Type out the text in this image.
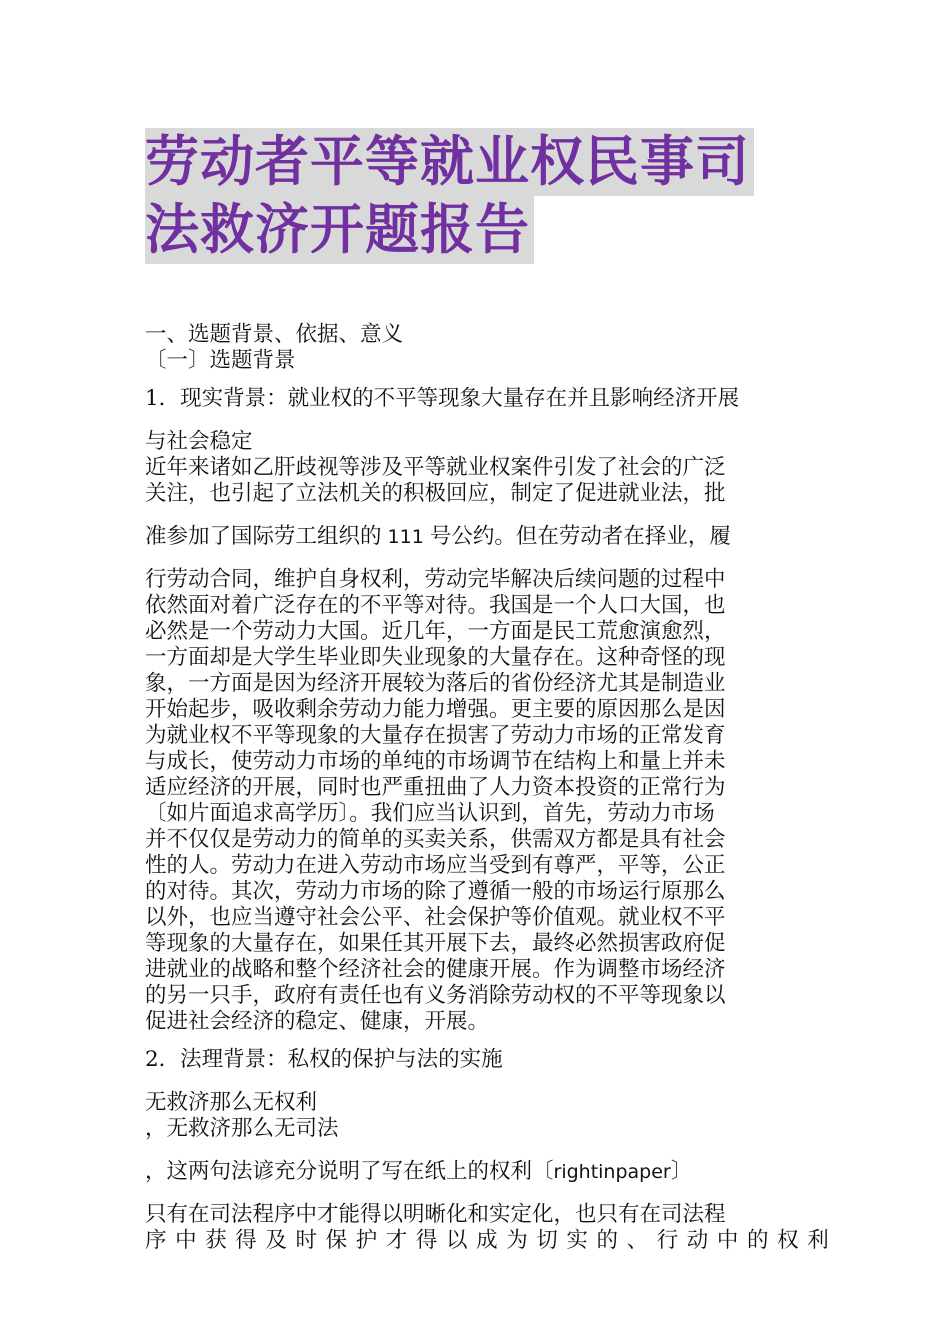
劳动者平等就业权民事司 法救济开题报告

一、选题背景、依据、意义

〔一〕选题背景

1．现实背景：就业权的不平等现象大量存在并且影响经济开展

与社会稳定

近年来诸如乙肝歧视等涉及平等就业权案件引发了社会的广泛

关注，也引起了立法机关的积极回应，制定了促进就业法，批

准参加了国际劳工组织的 111 号公约。但在劳动者在择业，履

行劳动合同，维护自身权利，劳动完毕解决后续问题的过程中

依然面对着广泛存在的不平等对待。我国是一个人口大国，也

必然是一个劳动力大国。近几年，一方面是民工荒愈演愈烈，

一方面却是大学生毕业即失业现象的大量存在。这种奇怪的现

象，一方面是因为经济开展较为落后的省份经济尤其是制造业

开始起步，吸收剩余劳动力能力增强。更主要的原因那么是因

为就业权不平等现象的大量存在损害了劳动力市场的正常发育

与成长，使劳动力市场的单纯的市场调节在结构上和量上并未

适应经济的开展，同时也严重扭曲了人力资本投资的正常行为

〔如片面追求高学历〕。我们应当认识到，首先，劳动力市场

并不仅仅是劳动力的简单的买卖关系，供需双方都是具有社会

性的人。劳动力在进入劳动市场应当受到有尊严，平等，公正

的对待。其次，劳动力市场的除了遵循一般的市场运行原那么

以外，也应当遵守社会公平、社会保护等价值观。就业权不平

等现象的大量存在，如果任其开展下去，最终必然损害政府促

进就业的战略和整个经济社会的健康开展。作为调整市场经济

的另一只手，政府有责任也有义务消除劳动权的不平等现象以

促进社会经济的稳定、健康，开展。

2．法理背景：私权的保护与法的实施

无救济那么无权利

，无救济那么无司法

，这两句法谚充分说明了写在纸上的权利〔rightinpaper〕

只有在司法程序中才能得以明晰化和实定化，也只有在司法程

序中获得及时保护才得以成为切实的、行动中的权利
